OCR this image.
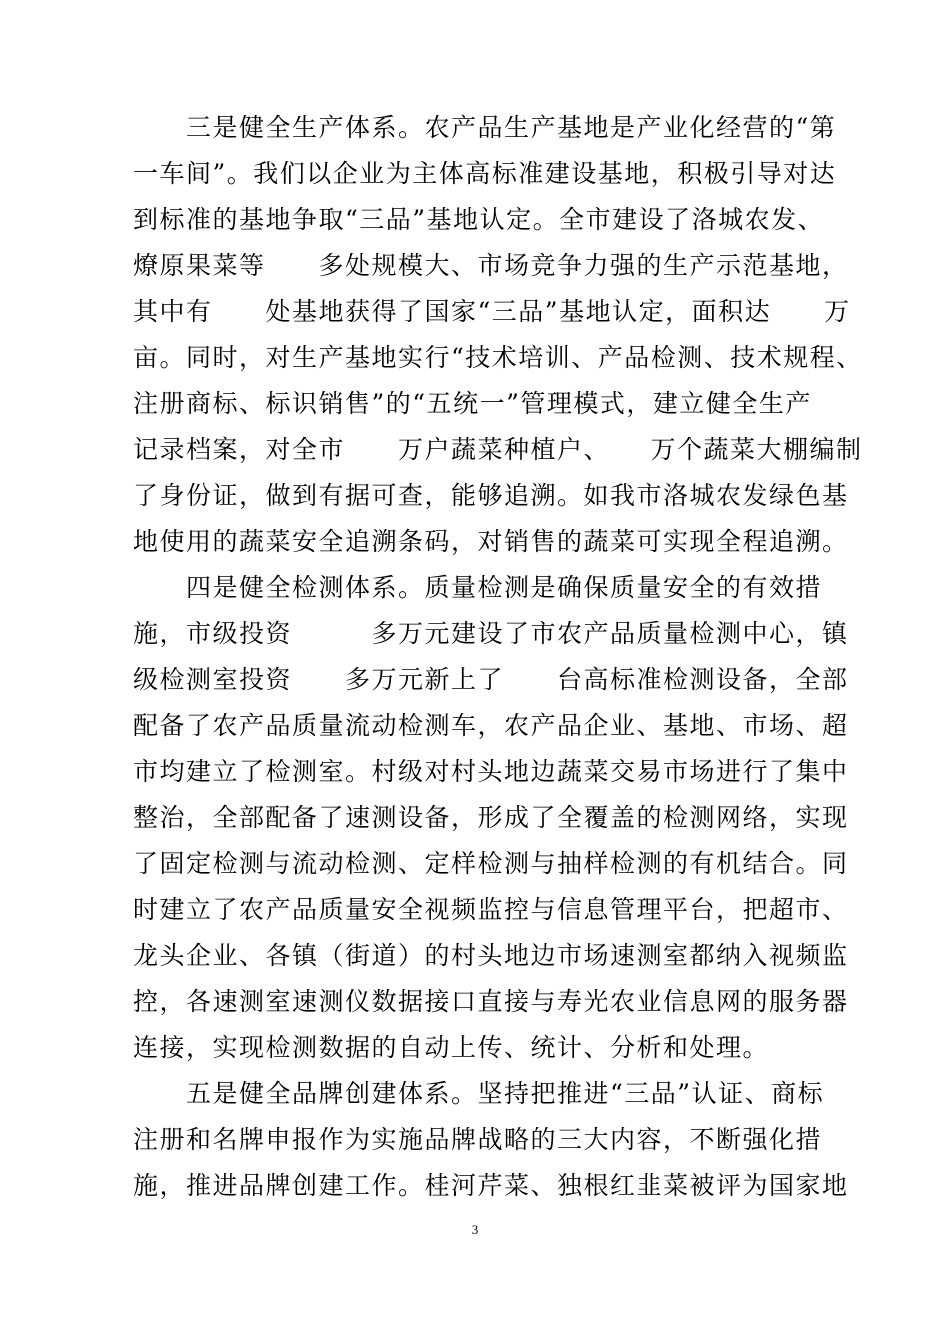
　　三是健全生产体系。农产品生产基地是产业化经营的“第
一车间”。我们以企业为主体高标准建设基地，积极引导对达
到标准的基地争取“三品”基地认定。全市建设了洛城农发、
燎原果菜等　　多处规模大、市场竞争力强的生产示范基地，
其中有　　处基地获得了国家“三品”基地认定，面积达　　万
亩。同时，对生产基地实行“技术培训、产品检测、技术规程、
注册商标、标识销售”的“五统一”管理模式，建立健全生产
记录档案，对全市　　万户蔬菜种植户、　　万个蔬菜大棚编制
了身份证，做到有据可查，能够追溯。如我市洛城农发绿色基
地使用的蔬菜安全追溯条码，对销售的蔬菜可实现全程追溯。
　　四是健全检测体系。质量检测是确保质量安全的有效措
施，市级投资　　　多万元建设了市农产品质量检测中心，镇
级检测室投资　　多万元新上了　　台高标准检测设备，全部
配备了农产品质量流动检测车，农产品企业、基地、市场、超
市均建立了检测室。村级对村头地边蔬菜交易市场进行了集中
整治，全部配备了速测设备，形成了全覆盖的检测网络，实现
了固定检测与流动检测、定样检测与抽样检测的有机结合。同
时建立了农产品质量安全视频监控与信息管理平台，把超市、
龙头企业、各镇（街道）的村头地边市场速测室都纳入视频监
控，各速测室速测仪数据接口直接与寿光农业信息网的服务器
连接，实现检测数据的自动上传、统计、分析和处理。
　　五是健全品牌创建体系。坚持把推进“三品”认证、商标
注册和名牌申报作为实施品牌战略的三大内容，不断强化措
施，推进品牌创建工作。桂河芹菜、独根红韭菜被评为国家地
3
